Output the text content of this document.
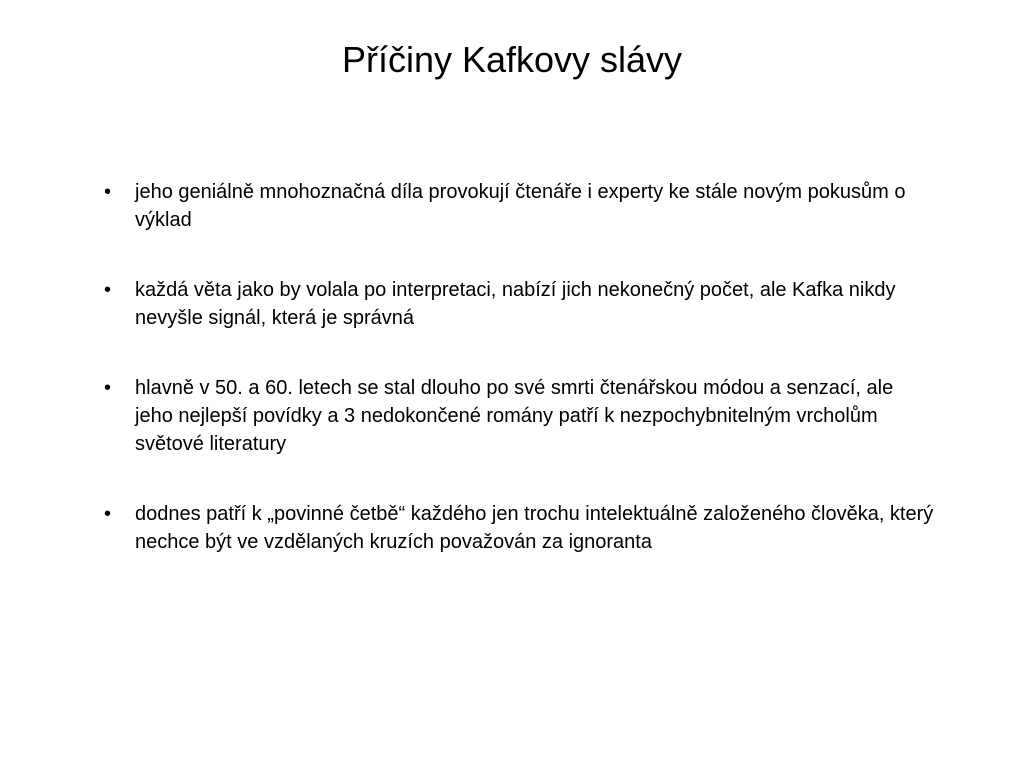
Příčiny Kafkovy slávy
• jeho geniálně mnohoznačná díla provokují čtenáře i experty ke stále novým pokusům o výklad
• každá věta jako by volala po interpretaci, nabízí jich nekonečný počet, ale Kafka nikdy nevyšle signál, která je správná
• hlavně v 50. a 60. letech se stal dlouho po své smrti čtenářskou módou a senzací, ale jeho nejlepší povídky a 3 nedokončené romány patří k nezpochybnitelným vrcholům světové literatury
• dodnes patří k „povinné četbě“ každého jen trochu intelektuálně založeného člověka, který nechce být ve vzdělaných kruzích považován za ignoranta
